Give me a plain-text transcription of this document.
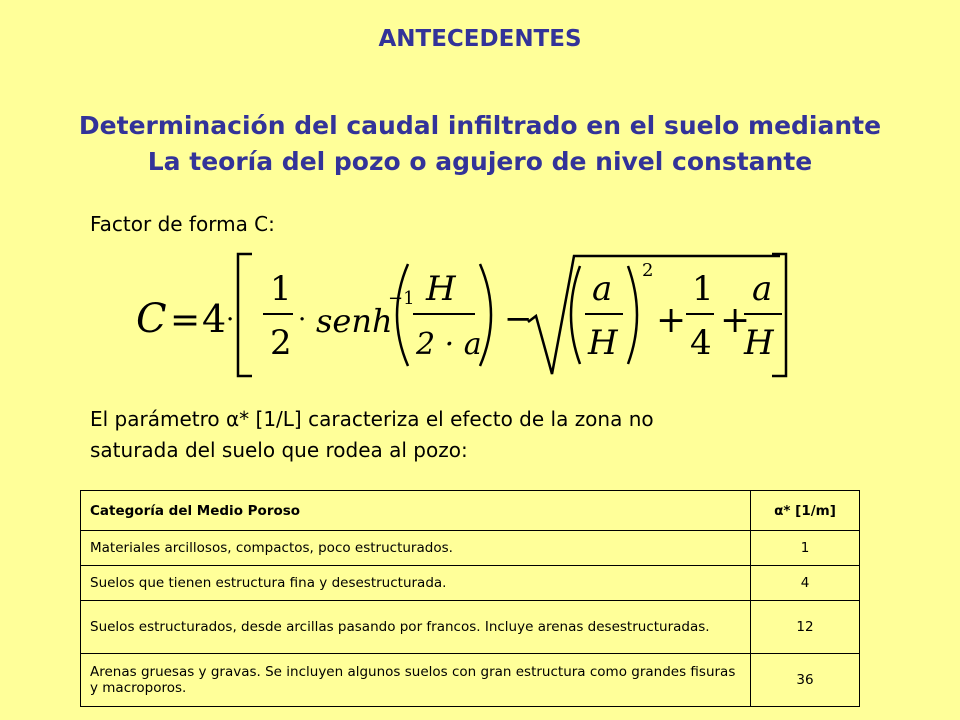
ANTECEDENTES
Determinación del caudal infiltrado en el suelo mediante
La teoría del pozo o agujero de nivel constante
Factor de forma C:
C = 4 ·
1
2
· senh
−1 H
2 · a
−
a
H
2
+
1
4
+
a
H
El parámetro α* [1/L] caracteriza el efecto de la zona no
saturada del suelo que rodea al pozo:
Categoría del Medio Poroso	α* [1/m]
Materiales arcillosos, compactos, poco estructurados.	1
Suelos que tienen estructura fina y desestructurada.	4
Suelos estructurados, desde arcillas pasando por francos. Incluye arenas desestructuradas.	12
Arenas gruesas y gravas. Se incluyen algunos suelos con gran estructura como grandes fisuras y macroporos.	36
